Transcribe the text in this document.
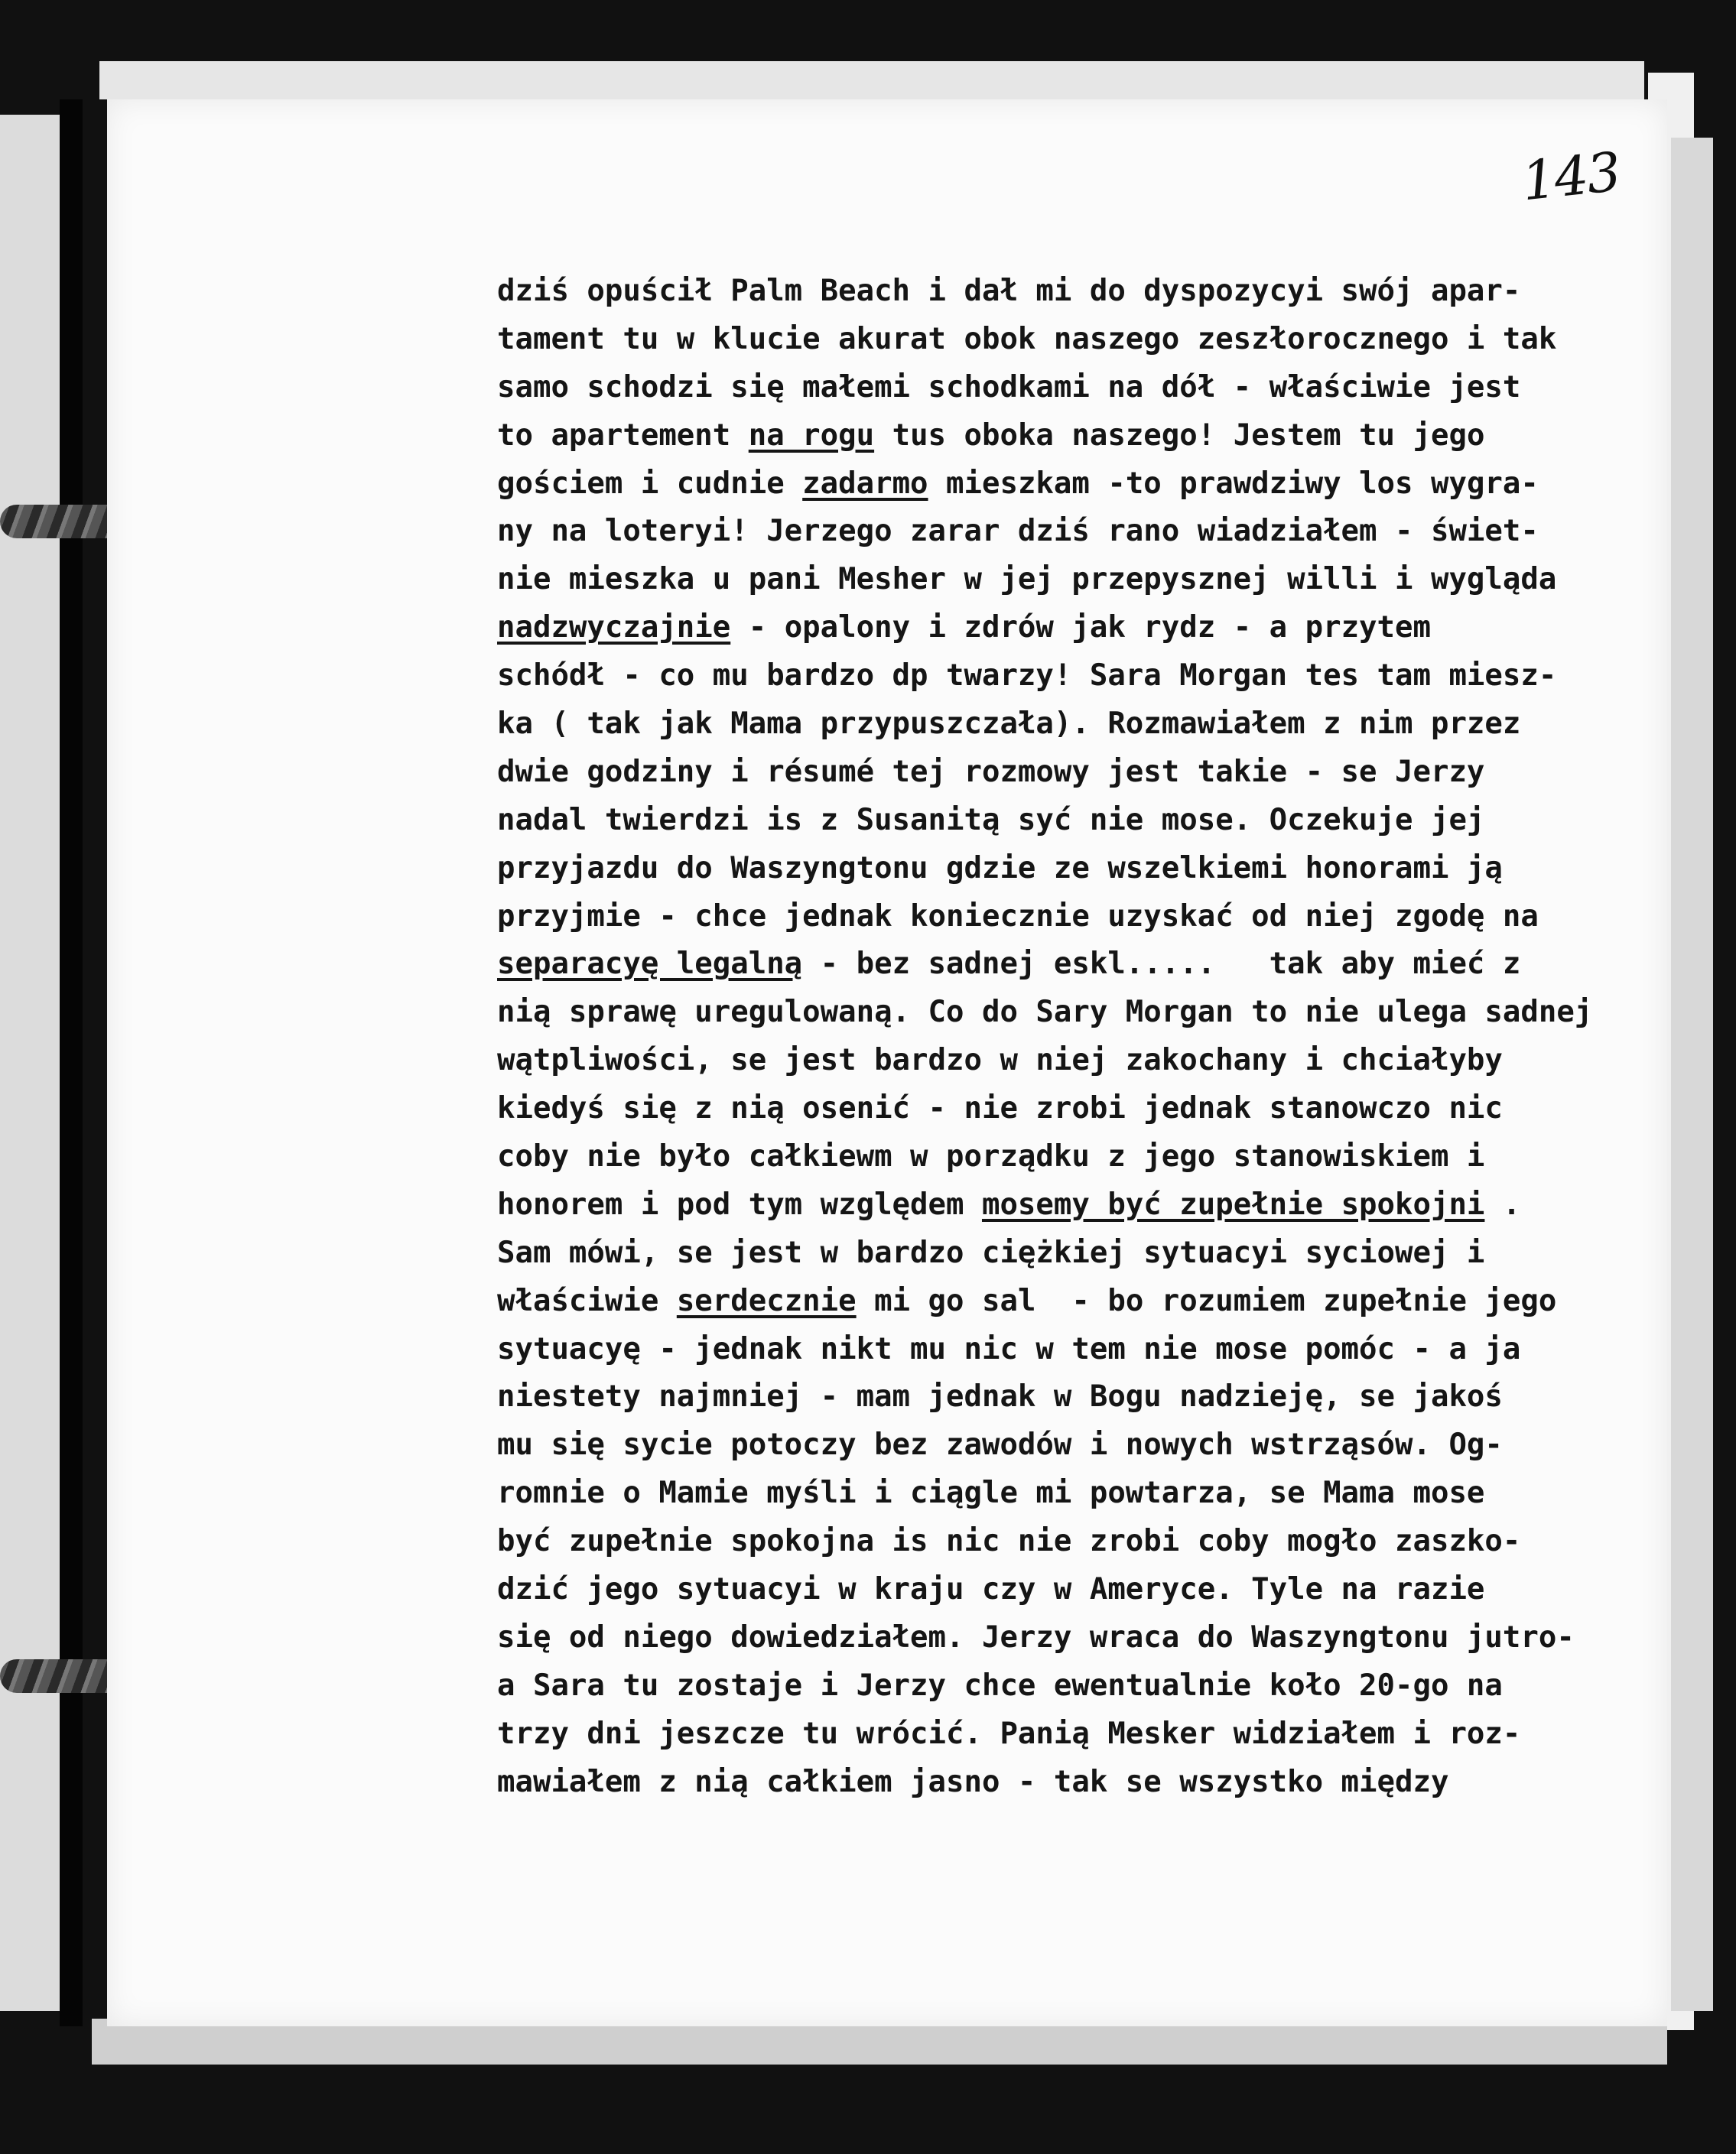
143
dziś opuścił Palm Beach i dał mi do dyspozycyi swój apar-
tament tu w klucie akurat obok naszego zeszłorocznego i tak
samo schodzi się małemi schodkami na dół - właściwie jest
to apartement na rogu tus oboka naszego! Jestem tu jego
gościem i cudnie zadarmo mieszkam -to prawdziwy los wygra-
ny na loteryi! Jerzego zarar dziś rano wiadziałem - świet-
nie mieszka u pani Mesher w jej przepysznej willi i wygląda
nadzwyczajnie - opalony i zdrów jak rydz - a przytem
schódł - co mu bardzo dp twarzy! Sara Morgan tes tam miesz-
ka ( tak jak Mama przypuszczała). Rozmawiałem z nim przez
dwie godziny i résumé tej rozmowy jest takie - se Jerzy
nadal twierdzi is z Susanitą syć nie mose. Oczekuje jej
przyjazdu do Waszyngtonu gdzie ze wszelkiemi honorami ją
przyjmie - chce jednak koniecznie uzyskać od niej zgodę na
separacyę legalną - bez sadnej eskl.....   tak aby mieć z
nią sprawę uregulowaną. Co do Sary Morgan to nie ulega sadnej
wątpliwości, se jest bardzo w niej zakochany i chciałyby
kiedyś się z nią osenić - nie zrobi jednak stanowczo nic
coby nie było całkiewm w porządku z jego stanowiskiem i
honorem i pod tym względem mosemy być zupełnie spokojni .
Sam mówi, se jest w bardzo ciężkiej sytuacyi syciowej i
właściwie serdecznie mi go sal  - bo rozumiem zupełnie jego
sytuacyę - jednak nikt mu nic w tem nie mose pomóc - a ja
niestety najmniej - mam jednak w Bogu nadzieję, se jakoś
mu się sycie potoczy bez zawodów i nowych wstrząsów. Og-
romnie o Mamie myśli i ciągle mi powtarza, se Mama mose
być zupełnie spokojna is nic nie zrobi coby mogło zaszko-
dzić jego sytuacyi w kraju czy w Ameryce. Tyle na razie
się od niego dowiedziałem. Jerzy wraca do Waszyngtonu jutro-
a Sara tu zostaje i Jerzy chce ewentualnie koło 20-go na
trzy dni jeszcze tu wrócić. Panią Mesker widziałem i roz-
mawiałem z nią całkiem jasno - tak se wszystko między
